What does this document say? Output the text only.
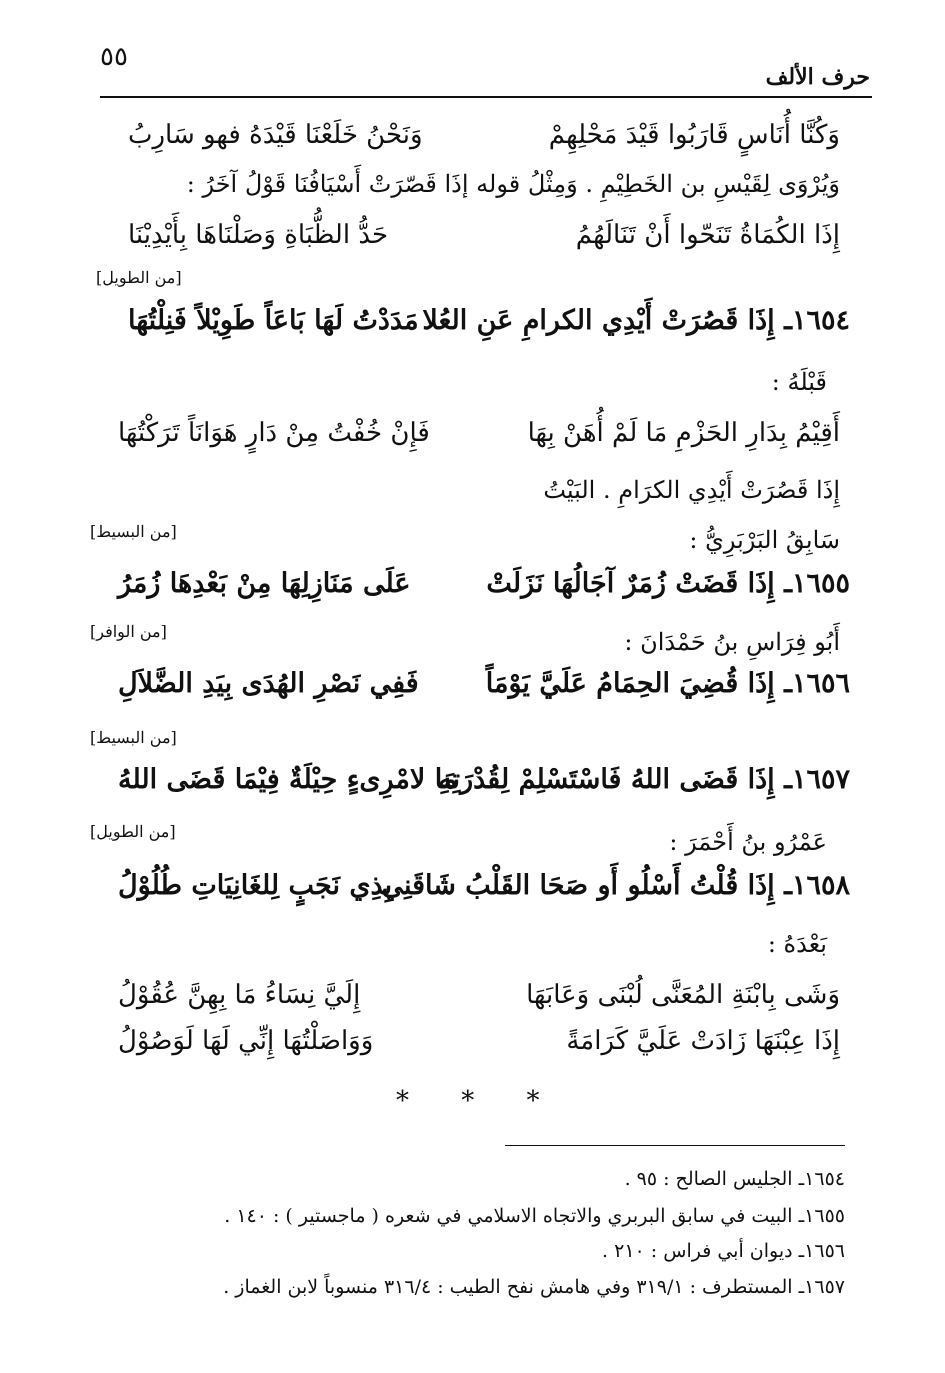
٥٥
حرف الألف
وَكُنَّا أُنَاسٍ قَارَبُوا قَيْدَ مَحْلِهِمْ
وَنَحْنُ خَلَعْنَا قَيْدَهُ فهو سَارِبُ
وَيُرْوَى لِقَيْسِ بن الخَطِيْمِ . وَمِثْلُ قوله إذَا قَصّرَتْ أَسْيَافُنَا قَوْلُ آخَرُ :
إِذَا الكُمَاةُ تَنَحّوا أَنْ تَنَالَهُمُ
حَدُّ الظُّبَاةِ وَصَلْنَاهَا بِأَيْدِيْنَا
[من الطويل]
١٦٥٤ـ إِذَا قَصُرَتْ أَيْدِي الكرامِ عَنِ العُلا
مَدَدْتُ لَهَا بَاعَاً طَوِيْلاً فَنِلْتُهَا
قَبْلَهُ :
أَقِيْمُ بِدَارِ الحَزْمِ مَا لَمْ أُهَنْ بِهَا
فَإِنْ خُفْتُ مِنْ دَارٍ هَوَانَاً تَرَكْتُهَا
إِذَا قَصُرَتْ أَيْدِي الكرَامِ . البَيْتُ
سَابِقُ البَرْبَرِيُّ :
[من البسيط]
١٦٥٥ـ إِذَا قَضَتْ زُمَرٌ آجَالُهَا نَزَلَتْ
عَلَى مَنَازِلِهَا مِنْ بَعْدِهَا زُمَرُ
أَبُو فِرَاسِ بنُ حَمْدَانَ :
[من الوافر]
١٦٥٦ـ إِذَا قُضِيَ الحِمَامُ عَلَيَّ يَوْمَاً
فَفِي نَصْرِ الهُدَى بِيَدِ الضَّلاَلِ
[من البسيط]
١٦٥٧ـ إِذَا قَضَى اللهُ فَاسْتَسْلِمْ لِقُدْرَتِهِ
مَا لامْرِىءٍ حِيْلَةٌ فِيْمَا قَضَى اللهُ
عَمْرُو بنُ أَحْمَرَ :
[من الطويل]
١٦٥٨ـ إِذَا قُلْتُ أَسْلُو أَو صَحَا القَلْبُ شَاقَنِي
بِذِي نَجَبٍ لِلغَانِيَاتِ طُلُوْلُ
بَعْدَهُ :
وَشَى بِابْنَةِ المُعَنَّى لُبْنَى وَعَابَهَا
إِلَيَّ نِسَاءُ مَا بِهِنَّ عُقُوْلُ
إِذَا عِبْنَهَا زَادَتْ عَلَيَّ كَرَامَةً
وَوَاصَلْتُهَا إِنِّي لَهَا لَوَصُوْلُ
* * *
١٦٥٤ـ الجليس الصالح : ٩٥ .
١٦٥٥ـ البيت في سابق البربري والاتجاه الاسلامي في شعره ( ماجستير ) : ١٤٠ .
١٦٥٦ـ ديوان أبي فراس : ٢١٠ .
١٦٥٧ـ المستطرف : ٣١٩/١ وفي هامش نفح الطيب : ٣١٦/٤ منسوباً لابن الغماز .
